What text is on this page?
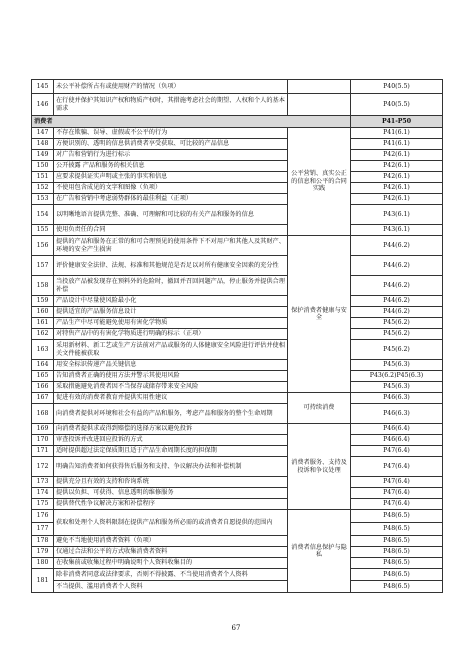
145	未公平补偿所占有或使用财产的情况（负项）		P40(5.5)
146	在行使并保护其知识产权和物质产权时，其措施考虑社会的期望、人权和个人的基本需求		P40(5.5)
消费者			P41-P50
147	不存在欺骗、误导、虚假或不公平的行为	公平营销、真实公正的信息和公平的合同实践	P41(6.1)
148	方便识别的、透明的信息供消费者享受获取、可比较的产品信息		P41(6.1)
149	对广告和营销行为进行标示		P42(6.1)
150	公开披露 产品和服务的相关信息		P42(6.1)
151	应要求提供证实声明或主张的事实和信息		P42(6.1)
152	不使用包含成见的文字和图像（负项）		P42(6.1)
153	在广告和营销中考虑弱势群体的最佳利益（正项）		P42(6.1)
154	以明晰地语言提供完整、准确、可理解和可比较的有关产品和服务的信息		P43(6.1)
155	使用负责任的合同		P43(6.1)
156	提供的产品和服务在正常的和可合理预见的使用条件下不对用户和其他人及其财产、环境的安全产生损害	保护消费者健康与安全	P44(6.2)
157	评价健康安全法律、法规、标准和其他规范是否足以对所有健康安全因素的充分性		P44(6.2)
158	当投放产品被发现存在预料外的危险时，撤回并召回问题产品，停止服务并提供合理补偿		P44(6.2)
159	产品设计中尽量使风险最小化		P44(6.2)
160	提供适宜的产品服务信息设计		P44(6.2)
161	产品生产中尽可能避免使用有害化学物质		P45(6.2)
162	对特售产品中的有害化学物质进行明确的标示（正项）		P45(6.2)
163	采用新材料、新工艺或生产方法前对产品或服务的人体健康安全风险进行评估并使相关文件能被获取		P45(6.2)
164	用安全标识传递产品关键信息		P45(6.3)
165	告知消费者正确的使用方法并警示其使用风险		P43(6.2)P45(6.3)
166	采取措施避免消费者因不当保存或储存带来安全风险		P45(6.3)
167	促进有效的消费者教育并提供实用性建议	可持续消费	P46(6.3)
168	向消费者提供对环境和社会有益的产品和服务，考虑产品和服务的整个生命周期		P46(6.3)
169	向消费者提供求或得到赔偿的选择方案以避免投诉	消费者服务、支持及投诉和争议处理	P46(6.4)
170	审查投诉并改进回应投诉的方式		P46(6.4)
171	适时提供超过法定保质期且适于产品生命周期长度的担保期		P47(6.4)
172	明确告知消费者如何获得售后服务和支持、争议解决办法和补偿机制		P47(6.4)
173	提供充分且有效的支持和咨询系统		P47(6.4)
174	提供以负担、可获得、信息透明的维修服务		P47(6.4)
175	提供替代性争议解决方案和补偿程序		P47(6.4)
176	获取和处理个人资料限制在提供产品和服务所必需的或消费者自愿提供的范围内	消费者信息保护与隐私	P48(6.5)
177			P48(6.5)
178	避免不当地使用消费者资料（负项）		P48(6.5)
179	仅通过合法和公平的方式收集消费者资料		P48(6.5)
180	在收集前或收集过程中明确说明个人资料收集目的		P48(6.5)
181	除非消费者同意或法律要求，否则不得披露、不当使用消费者个人资料		P48(6.5)
	不当提供、滥用消费者个人资料		P48(6.5)
67
